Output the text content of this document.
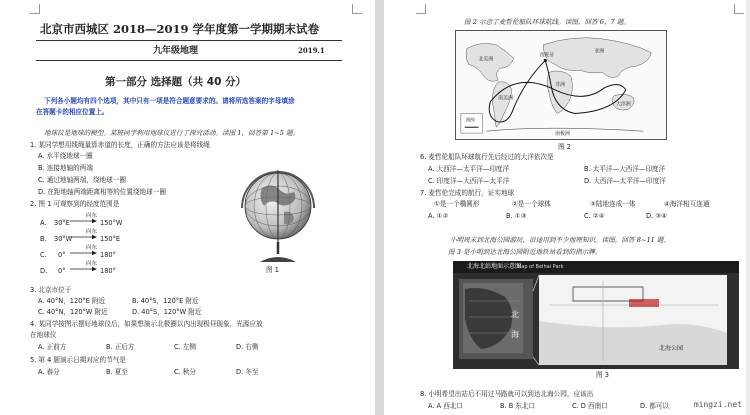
北京市西城区 2018—2019 学年度第一学期期末试卷
九年级地理	2019.1
第一部分 选择题（共 40 分）
下列各小题均有四个选项，其中只有一项是符合题意要求的。请将所选答案的字母填涂
在答题卡的相应位置上。
地球仪是地球的模型。某班同学利用地球仪进行了探究活动。读图 1，回答第 1~5 题。
1. 某同学想用线绳量算赤道的长度，正确的方法应该是将线绳
A. 水平绕地球一圈
B. 连接地轴的两端
C. 通过地轴两端，绕地球一圈
D. 在距地轴两端距离相等的位置绕地球一圈
2. 图 1 可观察到的经度范围是
A. 30°E
向东
150°W
B. 30°W
向东
150°E
C. 0°
向东
180°
D. 0°
向东
180°	图 1
3. 北京市位于
A. 40°N，120°E 附近	B. 40°S，120°E 附近
C. 40°N，120°W 附近	D. 40°S，120°W 附近
4. 某同学按图示摆好地球仪后，如果想演示北极圈以内出现极昼现象，光源应放
在地球仪
A. 正前方	B. 正后方	C. 左侧	D. 右侧
5. 第 4 题演示日期对应的节气是
A. 春分	B. 夏至	C. 秋分	D. 冬至
图 2 示意了麦哲伦船队环球航线。读图，回答 6、7 题。
西班牙
亚洲
非洲
北美洲
南美洲
大洋洲
南极洲
图例
图 2
6. 麦哲伦船队环球航行先后经过的大洋依次是
A. 大西洋—太平洋—印度洋	B. 太平洋—大西洋—印度洋
C. 印度洋—大西洋—太平洋	D. 大西洋—太平洋—印度洋
7. 麦哲伦完成的航行，证实地球
①是一个椭圆形	②是一个球体	③陆地连成一体	④海洋相互连通
A. ①②	B. ①③	C. ②④	D. ③④
小明周末到北海公园游玩，沿途用到不少地理知识。读图，回答 8~11 题。
图 3 是小明到达北海公园附近地铁站看到的指示牌。
北海北站地面示意图
Map of Beihai Park
北
海
北海公园
图 3
8. 小明希望出站后不用过马路就可以到达北海公园，应该出
A. A 西北口	B. B 东北口	C. D 西南口	D. 都可以	mingzi.net
